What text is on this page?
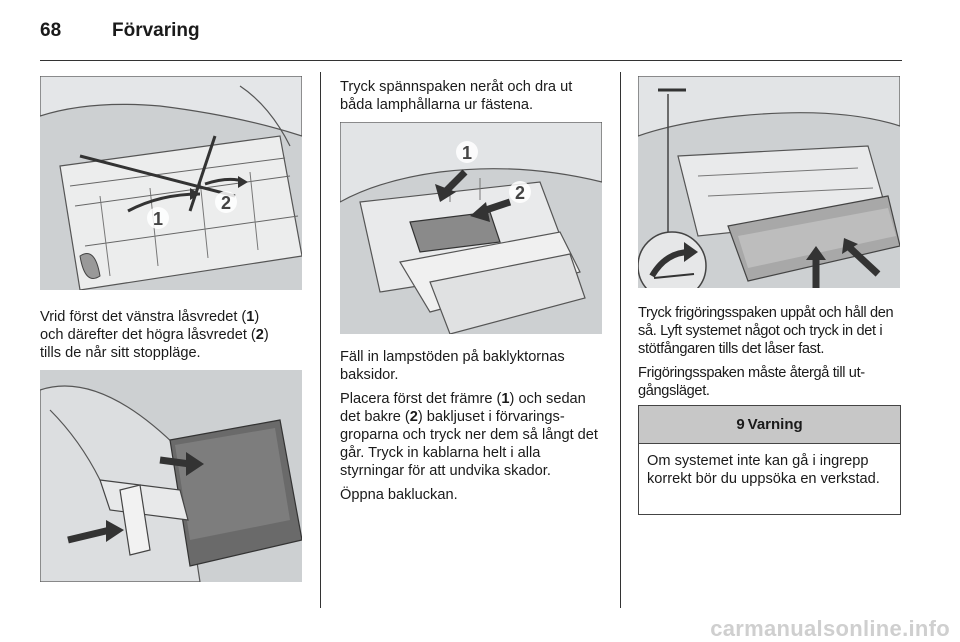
68	Förvaring
1
2

Vrid först det vänstra låsvredet (1)
och därefter det högra låsvredet (2)
tills de når sitt stoppläge.

Tryck spännspaken neråt och dra ut båda lamphållarna ur fästena.

1
2

Fäll in lampstöden på baklyktornas baksidor.

Placera först det främre (1) och sedan det bakre (2) bakljuset i förvaringsgroparna och tryck ner dem så långt det går. Tryck in kablarna helt i alla styrningar för att undvika skador.

Öppna bakluckan.

Tryck frigöringsspaken uppåt och håll den så. Lyft systemet något och tryck in det i stötfångaren tills det låser fast.

Frigöringsspaken måste återgå till utgångsläget.

9 Varning
Om systemet inte kan gå i ingrepp korrekt bör du uppsöka en verkstad.
carmanualsonline.info
